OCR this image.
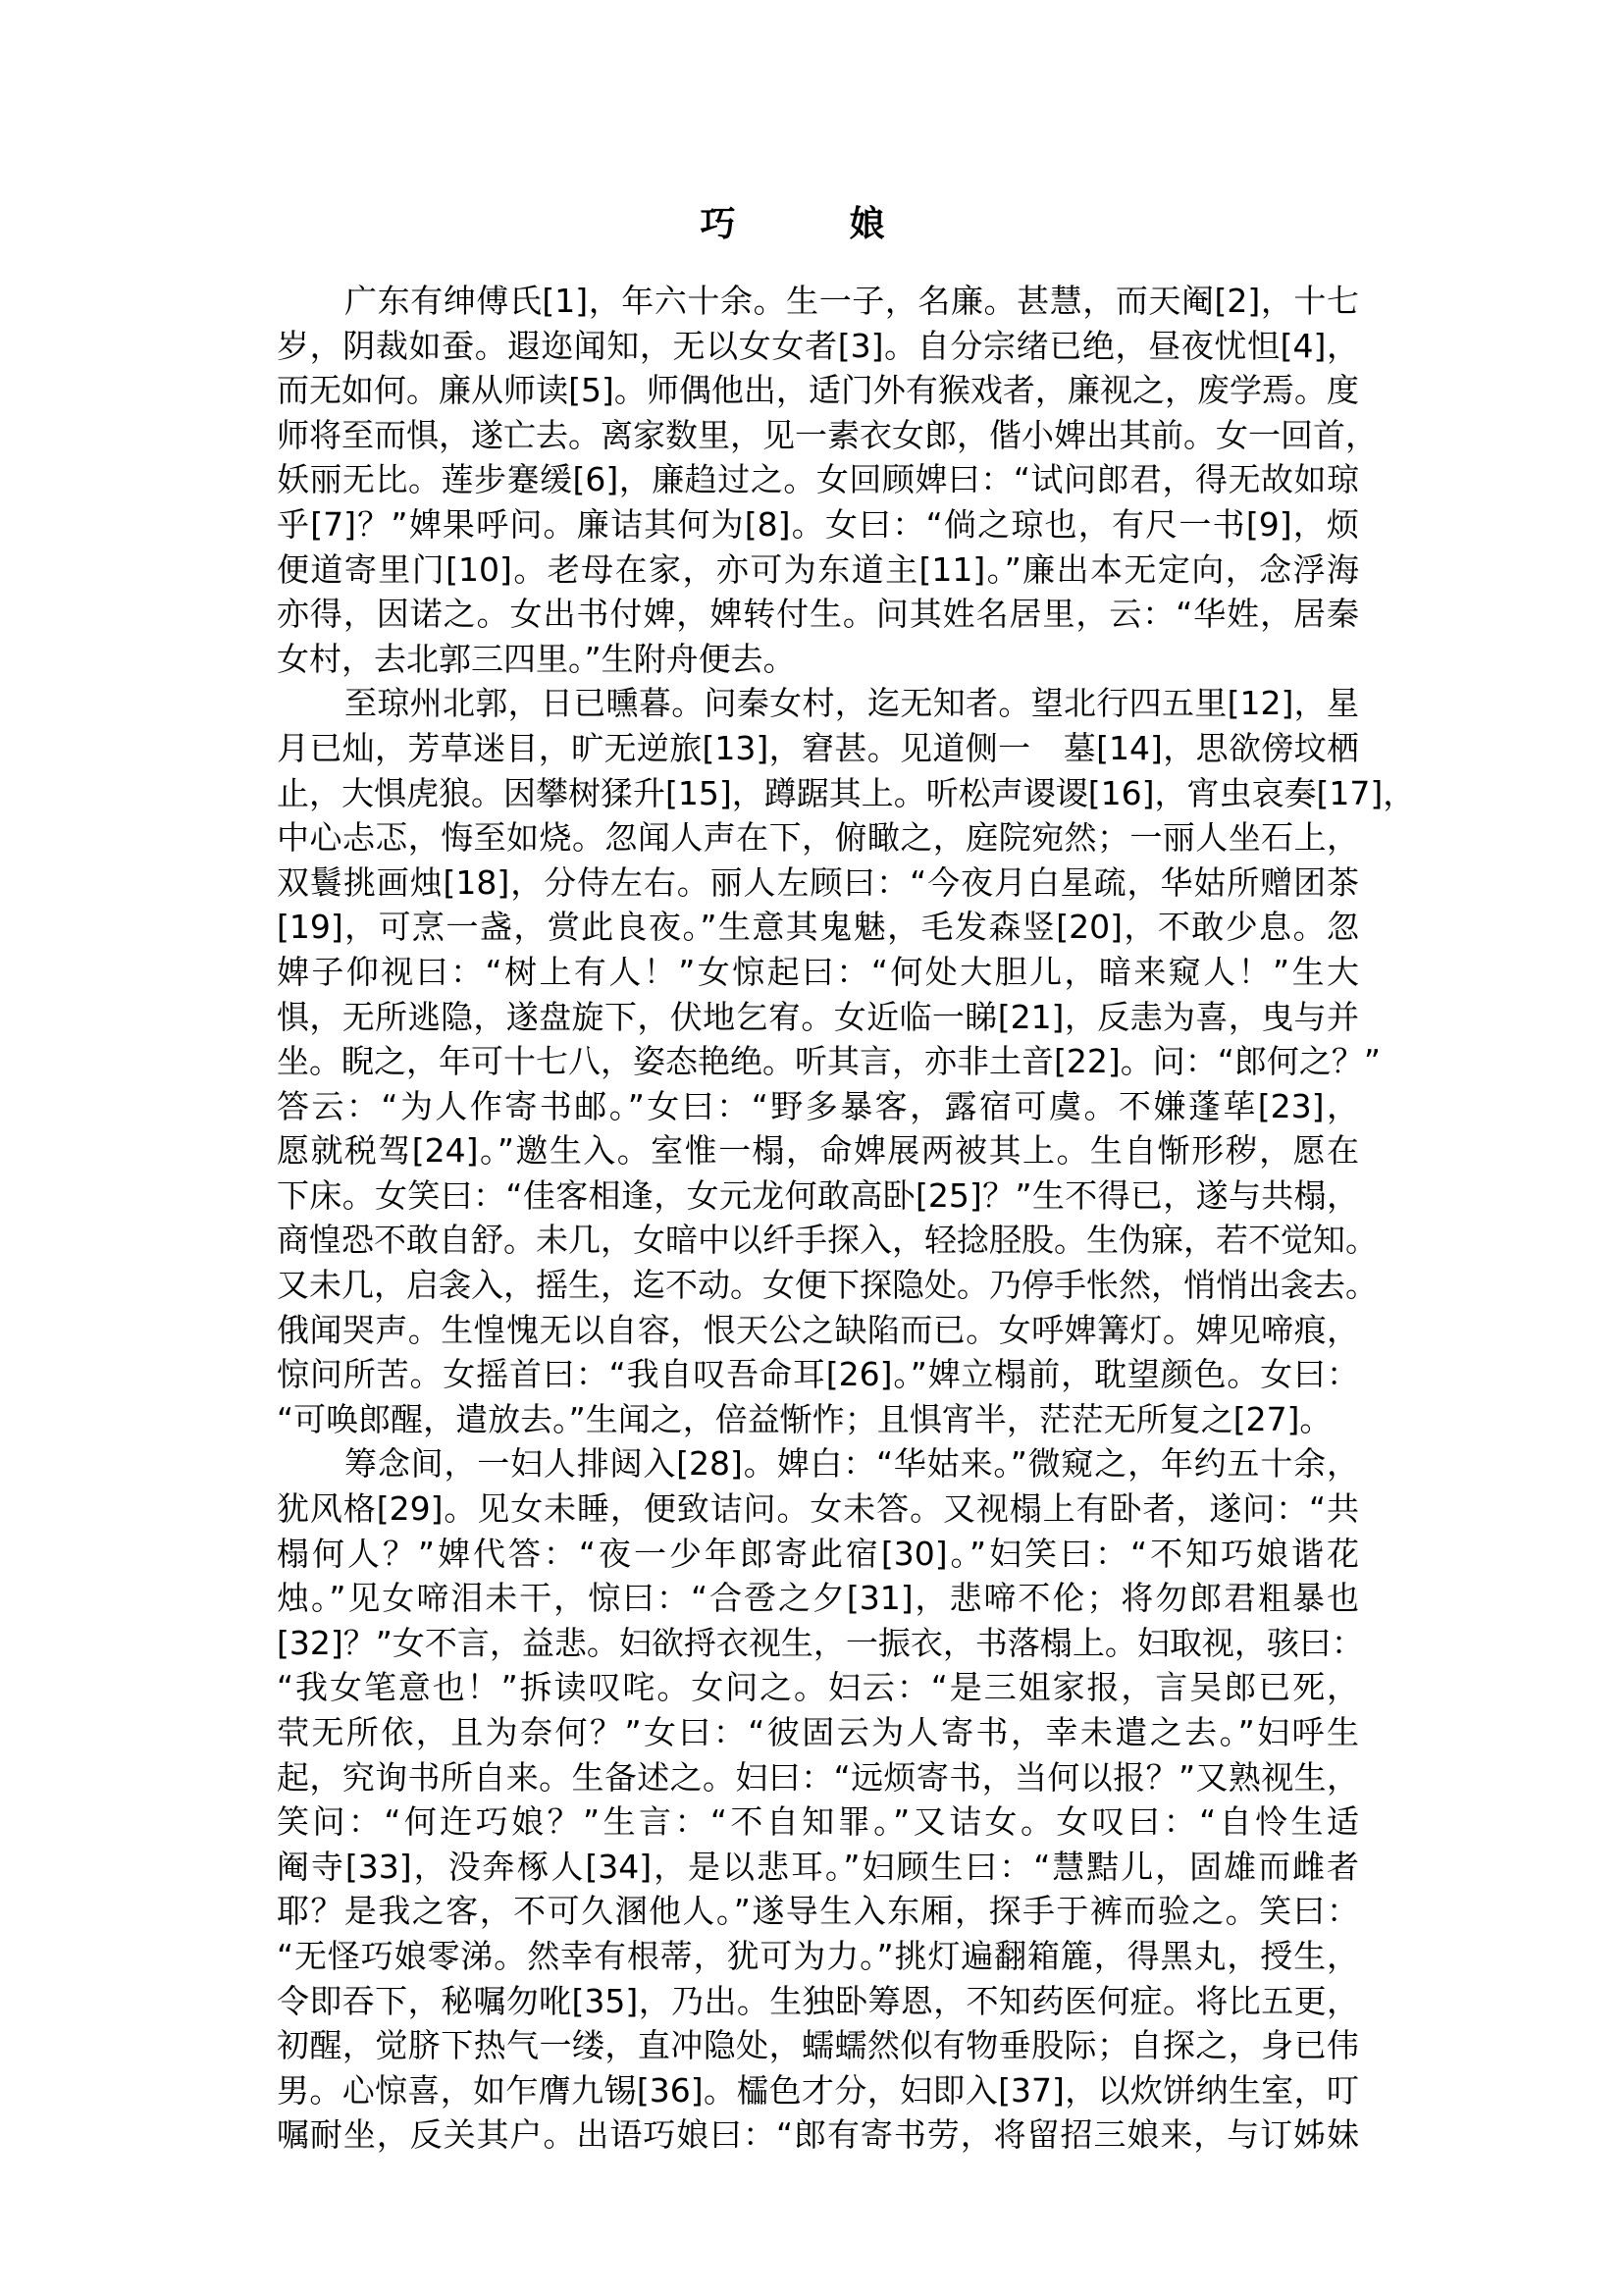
巧　娘
广东有绅傅氏[1]，年六十余。生一子，名廉。甚慧，而天阉[2]，十七
岁，阴裁如蚕。遐迩闻知，无以女女者[3]。自分宗绪已绝，昼夜忧怛[4]，
而无如何。廉从师读[5]。师偶他出，适门外有猴戏者，廉视之，废学焉。度
师将至而惧，遂亡去。离家数里，见一素衣女郎，偕小婢出其前。女一回首，
妖丽无比。莲步蹇缓[6]，廉趋过之。女回顾婢曰：“试问郎君，得无故如琼
乎[7]？”婢果呼问。廉诘其何为[8]。女曰：“倘之琼也，有尺一书[9]，烦
便道寄里门[10]。老母在家，亦可为东道主[11]。”廉出本无定向，念浮海
亦得，因诺之。女出书付婢，婢转付生。问其姓名居里，云：“华姓，居秦
女村，去北郭三四里。”生附舟便去。
至琼州北郭，日已曛暮。问秦女村，迄无知者。望北行四五里[12]，星
月已灿，芳草迷目，旷无逆旅[13]，窘甚。见道侧一　墓[14]，思欲傍坟栖
止，大惧虎狼。因攀树猱升[15]，蹲踞其上。听松声谡谡[16]，宵虫哀奏[17]，
中心忐忑，悔至如烧。忽闻人声在下，俯瞰之，庭院宛然；一丽人坐石上，
双鬟挑画烛[18]，分侍左右。丽人左顾曰：“今夜月白星疏，华姑所赠团茶
[19]，可烹一盏，赏此良夜。”生意其鬼魅，毛发森竖[20]，不敢少息。忽
婢子仰视曰：“树上有人！”女惊起曰：“何处大胆儿，暗来窥人！”生大
惧，无所逃隐，遂盘旋下，伏地乞宥。女近临一睇[21]，反恚为喜，曳与并
坐。睨之，年可十七八，姿态艳绝。听其言，亦非土音[22]。问：“郎何之？”
答云：“为人作寄书邮。”女曰：“野多暴客，露宿可虞。不嫌蓬荜[23]，
愿就税驾[24]。”邀生入。室惟一榻，命婢展两被其上。生自惭形秽，愿在
下床。女笑曰：“佳客相逢，女元龙何敢高卧[25]？”生不得已，遂与共榻，
商惶恐不敢自舒。未几，女暗中以纤手探入，轻捻胫股。生伪寐，若不觉知。
又未几，启衾入，摇生，迄不动。女便下探隐处。乃停手怅然，悄悄出衾去。
俄闻哭声。生惶愧无以自容，恨天公之缺陷而已。女呼婢篝灯。婢见啼痕，
惊问所苦。女摇首曰：“我自叹吾命耳[26]。”婢立榻前，耽望颜色。女曰：
“可唤郎醒，遣放去。”生闻之，倍益惭怍；且惧宵半，茫茫无所复之[27]。
筹念间，一妇人排闼入[28]。婢白：“华姑来。”微窥之，年约五十余，
犹风格[29]。见女未睡，便致诘问。女未答。又视榻上有卧者，遂问：“共
榻何人？”婢代答：“夜一少年郎寄此宿[30]。”妇笑曰：“不知巧娘谐花
烛。”见女啼泪未干，惊曰：“合卺之夕[31]，悲啼不伦；将勿郎君粗暴也
[32]？”女不言，益悲。妇欲捋衣视生，一振衣，书落榻上。妇取视，骇曰：
“我女笔意也！”拆读叹咤。女问之。妇云：“是三姐家报，言吴郎已死，
茕无所依，且为奈何？”女曰：“彼固云为人寄书，幸未遣之去。”妇呼生
起，究询书所自来。生备述之。妇曰：“远烦寄书，当何以报？”又熟视生，
笑问：“何迕巧娘？”生言：“不自知罪。”又诘女。女叹曰：“自怜生适
阉寺[33]，没奔椓人[34]，是以悲耳。”妇顾生曰：“慧黠儿，固雄而雌者
耶？是我之客，不可久溷他人。”遂导生入东厢，探手于裤而验之。笑曰：
“无怪巧娘零涕。然幸有根蒂，犹可为力。”挑灯遍翻箱簏，得黑丸，授生，
令即吞下，秘嘱勿吪[35]，乃出。生独卧筹恩，不知药医何症。将比五更，
初醒，觉脐下热气一缕，直冲隐处，蠕蠕然似有物垂股际；自探之，身已伟
男。心惊喜，如乍膺九锡[36]。櫺色才分，妇即入[37]，以炊饼纳生室，叮
嘱耐坐，反关其户。出语巧娘曰：“郎有寄书劳，将留招三娘来，与订姊妹
